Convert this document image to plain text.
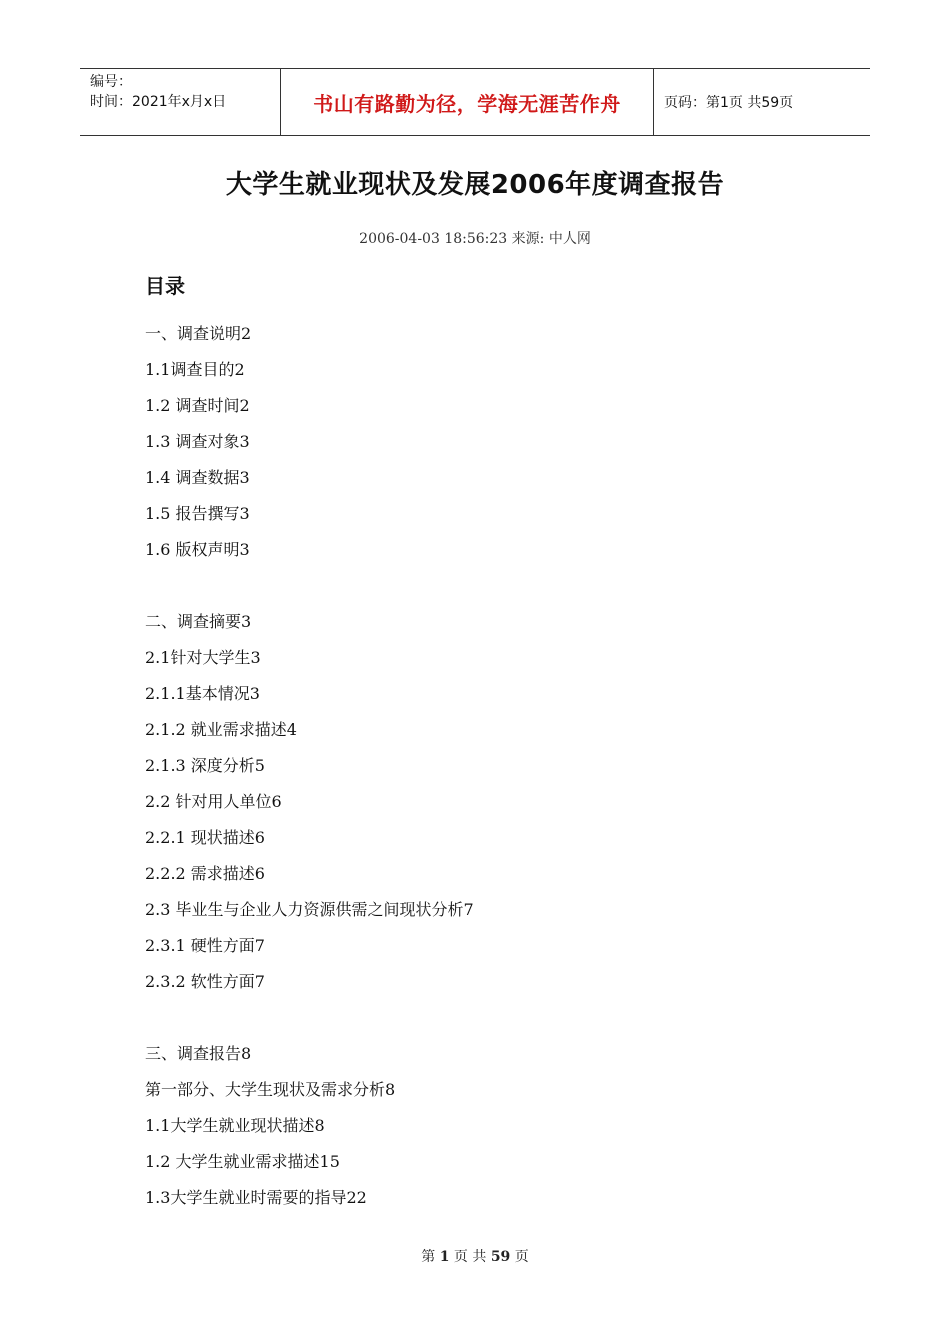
编号：
时间：2021年x月x日	书山有路勤为径，学海无涯苦作舟	页码：第1页 共59页
大学生就业现状及发展2006年度调查报告
2006-04-03 18:56:23 来源: 中人网
目录
一、调查说明2
1.1调查目的2
1.2 调查时间2
1.3 调查对象3
1.4 调查数据3
1.5 报告撰写3
1.6 版权声明3
二、调查摘要3
2.1针对大学生3
2.1.1基本情况3
2.1.2 就业需求描述4
2.1.3 深度分析5
2.2 针对用人单位6
2.2.1 现状描述6
2.2.2 需求描述6
2.3 毕业生与企业人力资源供需之间现状分析7
2.3.1 硬性方面7
2.3.2 软性方面7
三、调查报告8
第一部分、大学生现状及需求分析8
1.1大学生就业现状描述8
1.2 大学生就业需求描述15
1.3大学生就业时需要的指导22
第 1 页 共 59 页
